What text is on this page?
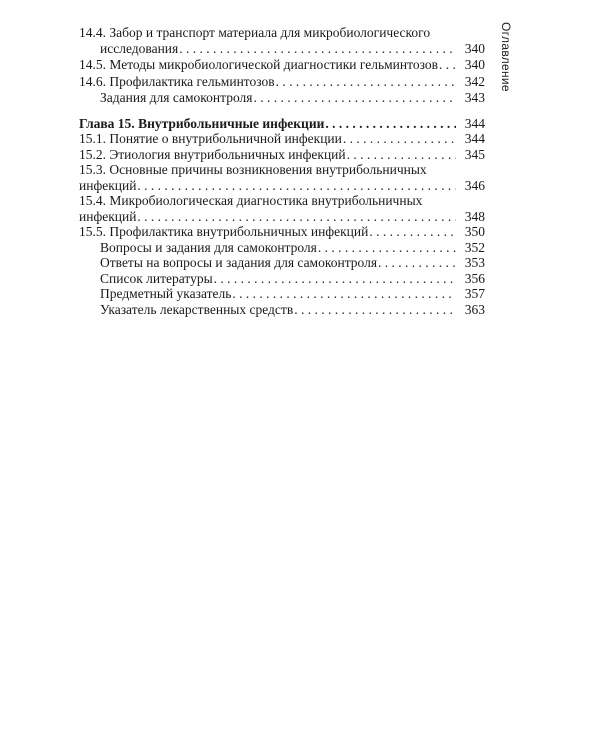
14.4. Забор и транспорт материала для микробиологического
исследования . . .	340
14.5. Методы микробиологической диагностики гельминтозов . . .	340
14.6. Профилактика гельминтозов . . .	342
Задания для самоконтроля . . .	343
Глава 15. Внутрибольничные инфекции . . .	344
15.1. Понятие о внутрибольничной инфекции . . .	344
15.2. Этиология внутрибольничных инфекций . . .	345
15.3. Основные причины возникновения внутрибольничных
инфекций . . .	346
15.4. Микробиологическая диагностика внутрибольничных
инфекций . . .	348
15.5. Профилактика внутрибольничных инфекций . . .	350
Вопросы и задания для самоконтроля . . .	352
Ответы на вопросы и задания для самоконтроля . . .	353
Список литературы . . .	356
Предметный указатель . . .	357
Указатель лекарственных средств . . .	363
Оглавление
